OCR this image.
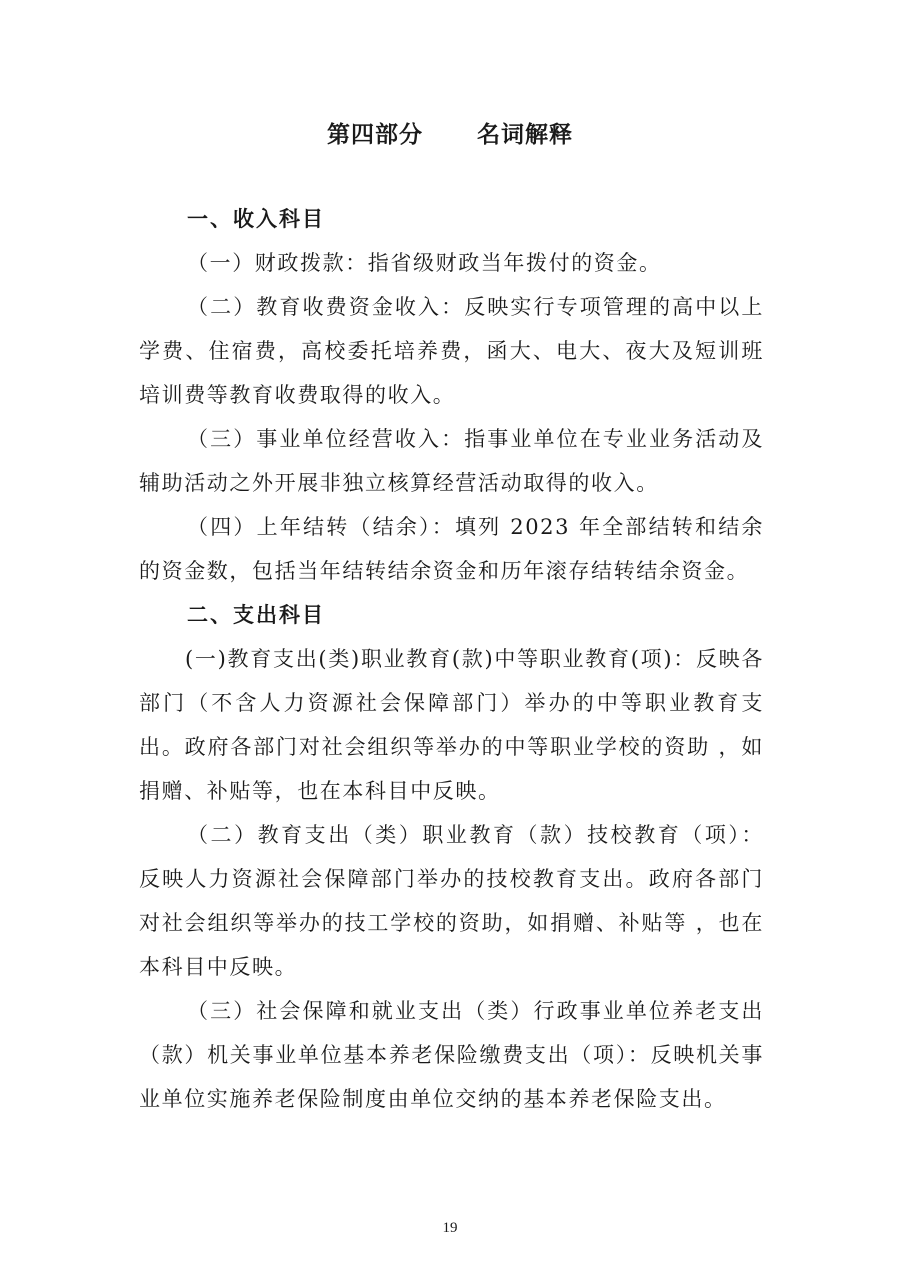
第四部分      名词解释
一、收入科目

（一）财政拨款：指省级财政当年拨付的资金。

（二）教育收费资金收入：反映实行专项管理的高中以上学费、住宿费，高校委托培养费，函大、电大、夜大及短训班培训费等教育收费取得的收入。

（三）事业单位经营收入：指事业单位在专业业务活动及辅助活动之外开展非独立核算经营活动取得的收入。

（四）上年结转（结余）：填列 2023 年全部结转和结余的资金数，包括当年结转结余资金和历年滚存结转结余资金。

二、支出科目

(一)教育支出(类)职业教育(款)中等职业教育(项)：反映各部门（不含人力资源社会保障部门）举办的中等职业教育支出。政府各部门对社会组织等举办的中等职业学校的资助 ，如捐赠、补贴等，也在本科目中反映。

（二）教育支出（类）职业教育（款）技校教育（项）：反映人力资源社会保障部门举办的技校教育支出。政府各部门对社会组织等举办的技工学校的资助，如捐赠、补贴等 ，也在本科目中反映。

（三）社会保障和就业支出（类）行政事业单位养老支出（款）机关事业单位基本养老保险缴费支出（项）：反映机关事业单位实施养老保险制度由单位交纳的基本养老保险支出。

19
